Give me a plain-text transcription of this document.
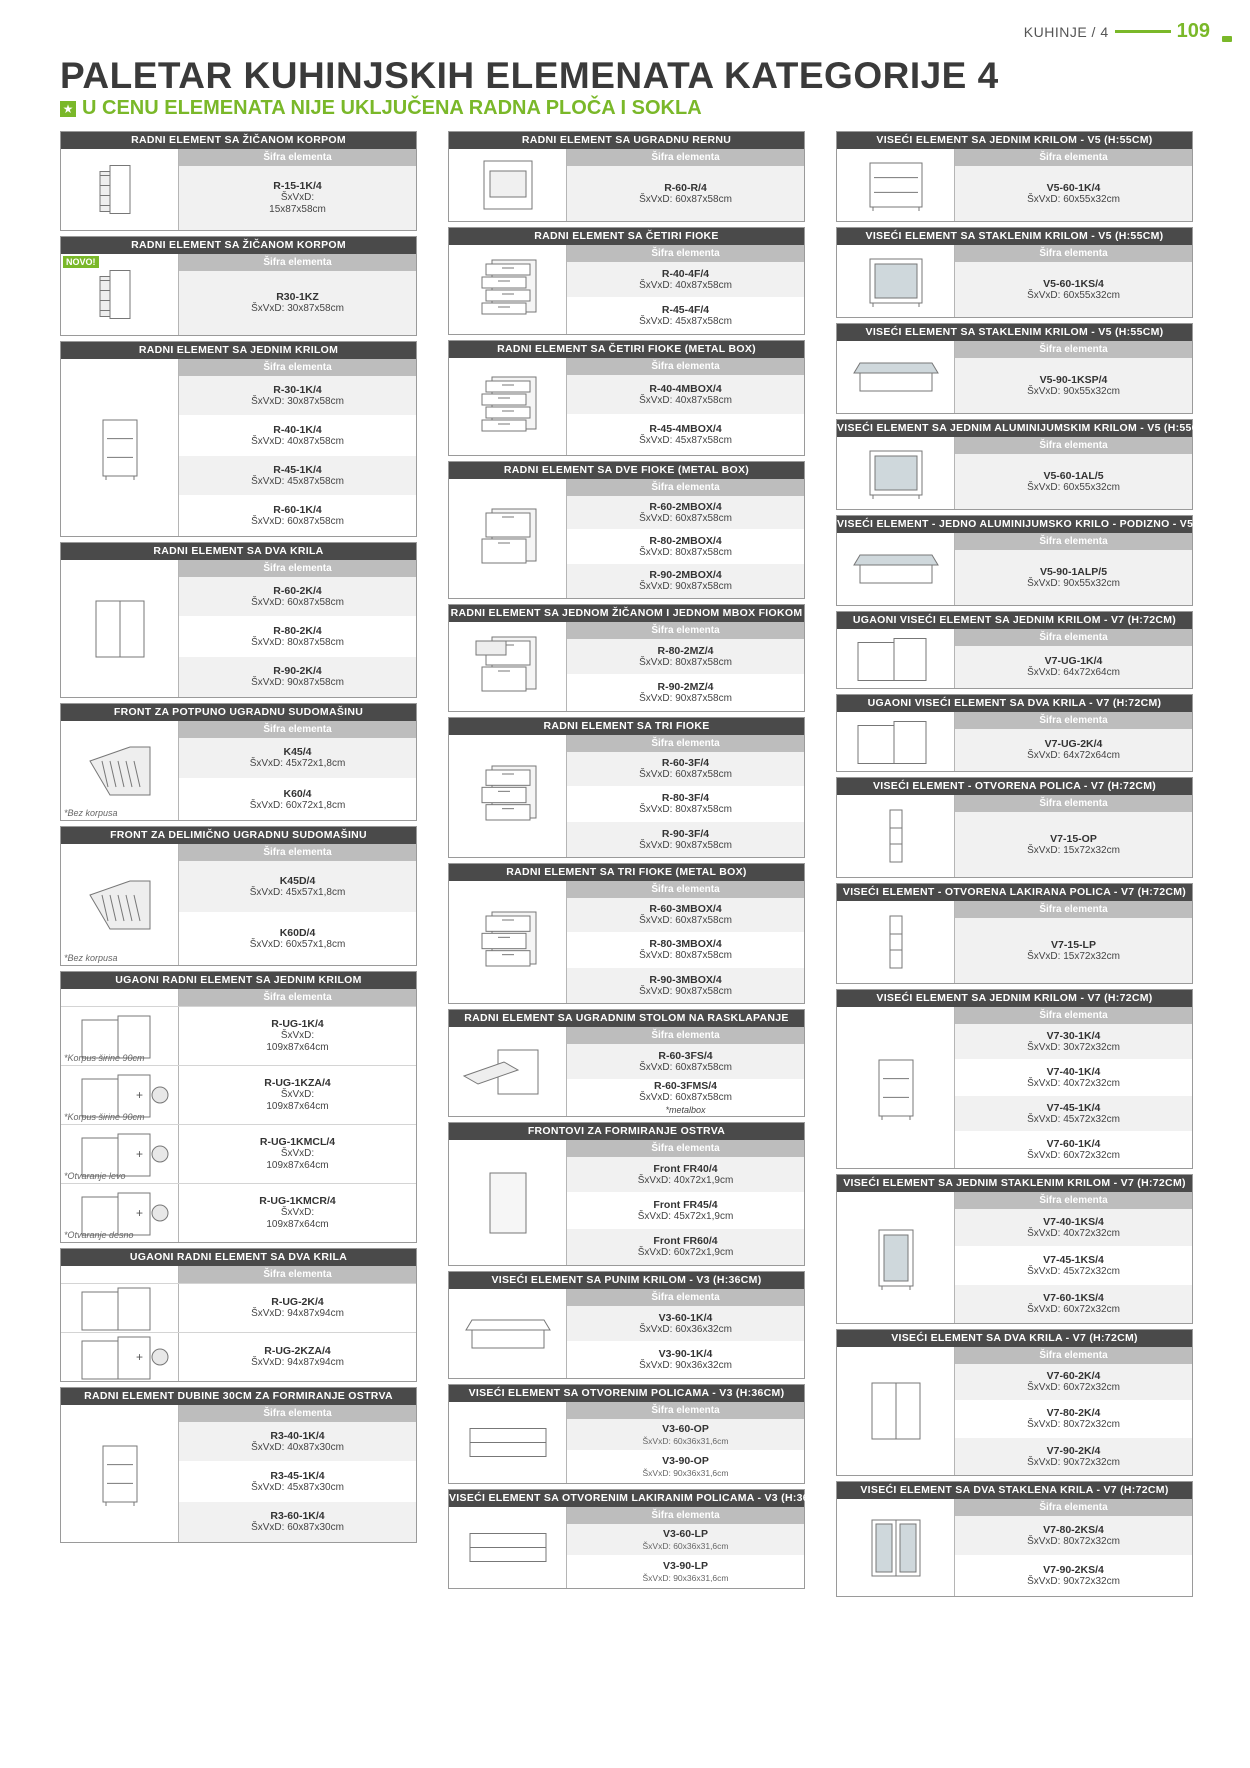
KUHINJE / 4	109
PALETAR KUHINJSKIH ELEMENATA KATEGORIJE 4
★ U CENU ELEMENATA NIJE UKLJUČENA RADNA PLOČA I SOKLA
RADNI ELEMENT SA ŽIČANOM KORPOM
Šifra elementa
R-15-1K/4
ŠxVxD:
15x87x58cm
RADNI ELEMENT SA ŽIČANOM KORPOM
NOVO!	Šifra elementa
R30-1KZ
ŠxVxD: 30x87x58cm
RADNI ELEMENT SA JEDNIM KRILOM
Šifra elementa
R-30-1K/4
ŠxVxD: 30x87x58cm
R-40-1K/4
ŠxVxD: 40x87x58cm
R-45-1K/4
ŠxVxD: 45x87x58cm
R-60-1K/4
ŠxVxD: 60x87x58cm
RADNI ELEMENT SA DVA KRILA
Šifra elementa
R-60-2K/4
ŠxVxD: 60x87x58cm
R-80-2K/4
ŠxVxD: 80x87x58cm
R-90-2K/4
ŠxVxD: 90x87x58cm
FRONT ZA POTPUNO UGRADNU SUDOMAŠINU
*Bez korpusa
Šifra elementa
K45/4
ŠxVxD: 45x72x1,8cm
K60/4
ŠxVxD: 60x72x1,8cm
FRONT ZA DELIMIČNO UGRADNU SUDOMAŠINU
*Bez korpusa
Šifra elementa
K45D/4
ŠxVxD: 45x57x1,8cm
K60D/4
ŠxVxD: 60x57x1,8cm
UGAONI RADNI ELEMENT SA JEDNIM KRILOM
Šifra elementa
*Korpus širine 90cm
R-UG-1K/4
ŠxVxD:
109x87x64cm
+
*Korpus širine 90cm
R-UG-1KZA/4
ŠxVxD:
109x87x64cm
+
*Otvaranje levo
R-UG-1KMCL/4
ŠxVxD:
109x87x64cm
+
*Otvaranje desno
R-UG-1KMCR/4
ŠxVxD:
109x87x64cm
UGAONI RADNI ELEMENT SA DVA KRILA
Šifra elementa
R-UG-2K/4
ŠxVxD: 94x87x94cm
+	R-UG-2KZA/4
ŠxVxD: 94x87x94cm
RADNI ELEMENT DUBINE 30CM ZA FORMIRANJE OSTRVA
Šifra elementa
R3-40-1K/4
ŠxVxD: 40x87x30cm
R3-45-1K/4
ŠxVxD: 45x87x30cm
R3-60-1K/4
ŠxVxD: 60x87x30cm
RADNI ELEMENT SA UGRADNU RERNU
Šifra elementa
R-60-R/4
ŠxVxD: 60x87x58cm
RADNI ELEMENT SA ČETIRI FIOKE
Šifra elementa
R-40-4F/4
ŠxVxD: 40x87x58cm
R-45-4F/4
ŠxVxD: 45x87x58cm
RADNI ELEMENT SA ČETIRI FIOKE (METAL BOX)
Šifra elementa
R-40-4MBOX/4
ŠxVxD: 40x87x58cm
R-45-4MBOX/4
ŠxVxD: 45x87x58cm
RADNI ELEMENT SA DVE FIOKE (METAL BOX)
Šifra elementa
R-60-2MBOX/4
ŠxVxD: 60x87x58cm
R-80-2MBOX/4
ŠxVxD: 80x87x58cm
R-90-2MBOX/4
ŠxVxD: 90x87x58cm
RADNI ELEMENT SA JEDNOM ŽIČANOM I JEDNOM MBOX FIOKOM
Šifra elementa
R-80-2MZ/4
ŠxVxD: 80x87x58cm
R-90-2MZ/4
ŠxVxD: 90x87x58cm
RADNI ELEMENT SA TRI FIOKE
Šifra elementa
R-60-3F/4
ŠxVxD: 60x87x58cm
R-80-3F/4
ŠxVxD: 80x87x58cm
R-90-3F/4
ŠxVxD: 90x87x58cm
RADNI ELEMENT SA TRI FIOKE (METAL BOX)
Šifra elementa
R-60-3MBOX/4
ŠxVxD: 60x87x58cm
R-80-3MBOX/4
ŠxVxD: 80x87x58cm
R-90-3MBOX/4
ŠxVxD: 90x87x58cm
RADNI ELEMENT SA UGRADNIM STOLOM NA RASKLAPANJE
Šifra elementa
R-60-3FS/4
ŠxVxD: 60x87x58cm
R-60-3FMS/4
ŠxVxD: 60x87x58cm
*metalbox
FRONTOVI ZA FORMIRANJE OSTRVA
Šifra elementa
Front FR40/4
ŠxVxD: 40x72x1,9cm
Front FR45/4
ŠxVxD: 45x72x1,9cm
Front FR60/4
ŠxVxD: 60x72x1,9cm
VISEĆI ELEMENT SA PUNIM KRILOM - V3 (H:36CM)
Šifra elementa
V3-60-1K/4
ŠxVxD: 60x36x32cm
V3-90-1K/4
ŠxVxD: 90x36x32cm
VISEĆI ELEMENT SA OTVORENIM POLICAMA - V3 (H:36CM)
Šifra elementa
V3-60-OP
ŠxVxD: 60x36x31,6cm
V3-90-OP
ŠxVxD: 90x36x31,6cm
VISEĆI ELEMENT SA OTVORENIM LAKIRANIM POLICAMA - V3 (H:36CM)
Šifra elementa
V3-60-LP
ŠxVxD: 60x36x31,6cm
V3-90-LP
ŠxVxD: 90x36x31,6cm
VISEĆI ELEMENT SA JEDNIM KRILOM - V5 (H:55CM)
Šifra elementa
V5-60-1K/4
ŠxVxD: 60x55x32cm
VISEĆI ELEMENT SA STAKLENIM KRILOM - V5 (H:55CM)
Šifra elementa
V5-60-1KS/4
ŠxVxD: 60x55x32cm
VISEĆI ELEMENT SA STAKLENIM KRILOM - V5 (H:55CM)
Šifra elementa
V5-90-1KSP/4
ŠxVxD: 90x55x32cm
VISEĆI ELEMENT SA JEDNIM ALUMINIJUMSKIM KRILOM - V5 (H:55CM)
Šifra elementa
V5-60-1AL/5
ŠxVxD: 60x55x32cm
VISEĆI ELEMENT - JEDNO ALUMINIJUMSKO KRILO - PODIZNO - V5 (H:55CM)
Šifra elementa
V5-90-1ALP/5
ŠxVxD: 90x55x32cm
UGAONI VISEĆI ELEMENT SA JEDNIM KRILOM - V7 (H:72CM)
Šifra elementa
V7-UG-1K/4
ŠxVxD: 64x72x64cm
UGAONI VISEĆI ELEMENT SA DVA KRILA - V7 (H:72CM)
Šifra elementa
V7-UG-2K/4
ŠxVxD: 64x72x64cm
VISEĆI ELEMENT - OTVORENA POLICA - V7 (H:72CM)
Šifra elementa
V7-15-OP
ŠxVxD: 15x72x32cm
VISEĆI ELEMENT - OTVORENA LAKIRANA POLICA - V7 (H:72CM)
Šifra elementa
V7-15-LP
ŠxVxD: 15x72x32cm
VISEĆI ELEMENT SA JEDNIM KRILOM - V7 (H:72CM)
Šifra elementa
V7-30-1K/4
ŠxVxD: 30x72x32cm
V7-40-1K/4
ŠxVxD: 40x72x32cm
V7-45-1K/4
ŠxVxD: 45x72x32cm
V7-60-1K/4
ŠxVxD: 60x72x32cm
VISEĆI ELEMENT SA JEDNIM STAKLENIM KRILOM - V7 (H:72CM)
Šifra elementa
V7-40-1KS/4
ŠxVxD: 40x72x32cm
V7-45-1KS/4
ŠxVxD: 45x72x32cm
V7-60-1KS/4
ŠxVxD: 60x72x32cm
VISEĆI ELEMENT SA DVA KRILA - V7 (H:72CM)
Šifra elementa
V7-60-2K/4
ŠxVxD: 60x72x32cm
V7-80-2K/4
ŠxVxD: 80x72x32cm
V7-90-2K/4
ŠxVxD: 90x72x32cm
VISEĆI ELEMENT SA DVA STAKLENA KRILA - V7 (H:72CM)
Šifra elementa
V7-80-2KS/4
ŠxVxD: 80x72x32cm
V7-90-2KS/4
ŠxVxD: 90x72x32cm
